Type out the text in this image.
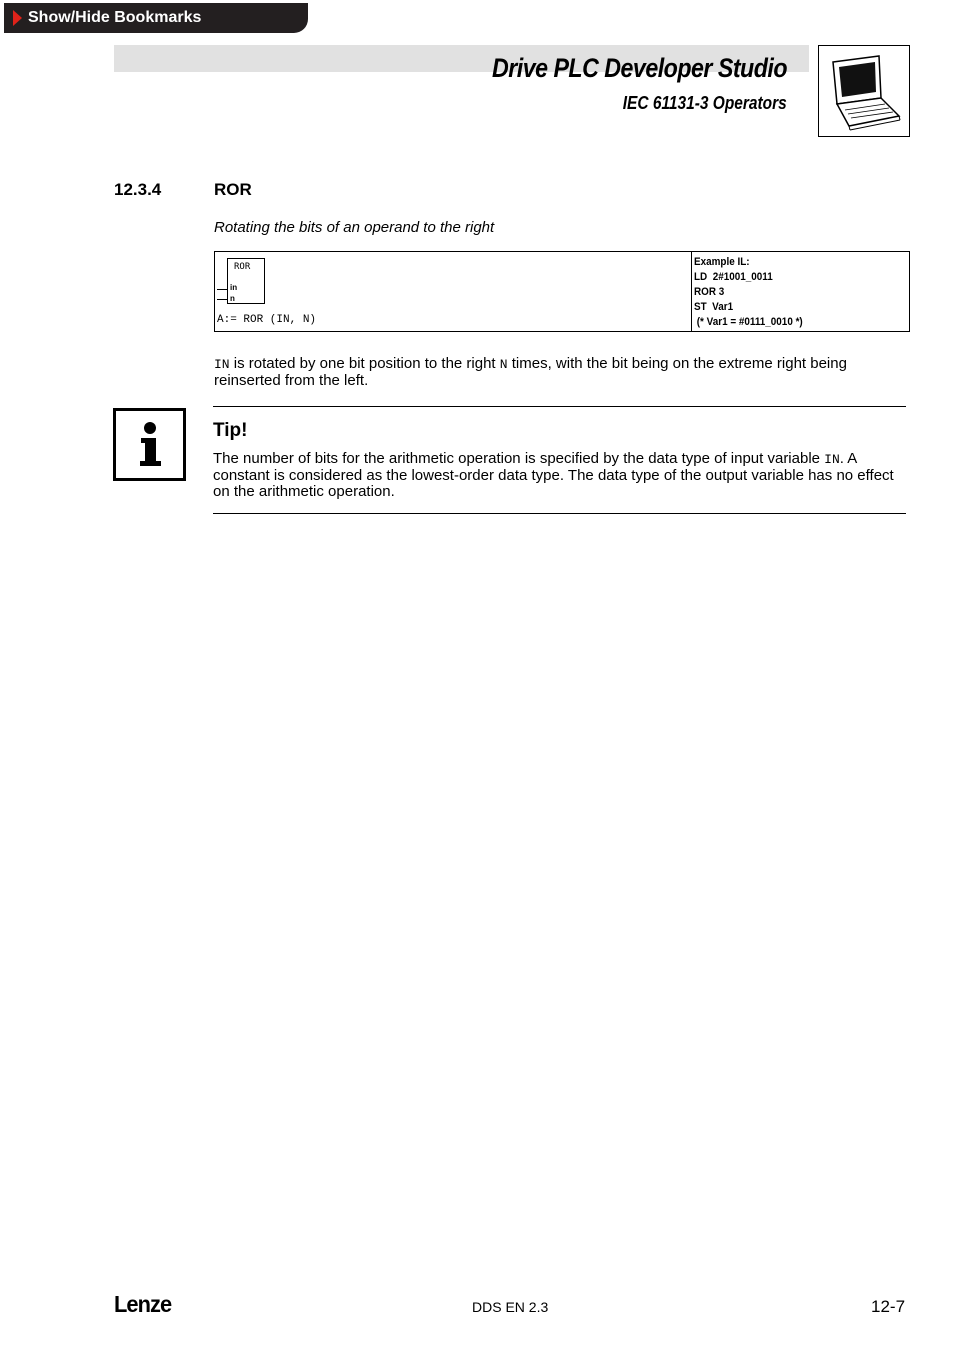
Show/Hide Bookmarks
Drive PLC Developer Studio
IEC 61131-3 Operators
12.3.4	ROR
Rotating the bits of an operand to the right
ROR
in
n
A:= ROR (IN, N)
Example IL:
LD  2#1001_0011
ROR 3
ST  Var1
(* Var1 = #0111_0010 *)
IN is rotated by one bit position to the right N times, with the bit being on the extreme right being reinserted from the left.
Tip!
The number of bits for the arithmetic operation is specified by the data type of input variable IN. A constant is considered as the lowest-order data type. The data type of the output variable has no effect on the arithmetic operation.
Lenze	DDS EN 2.3	12-7
